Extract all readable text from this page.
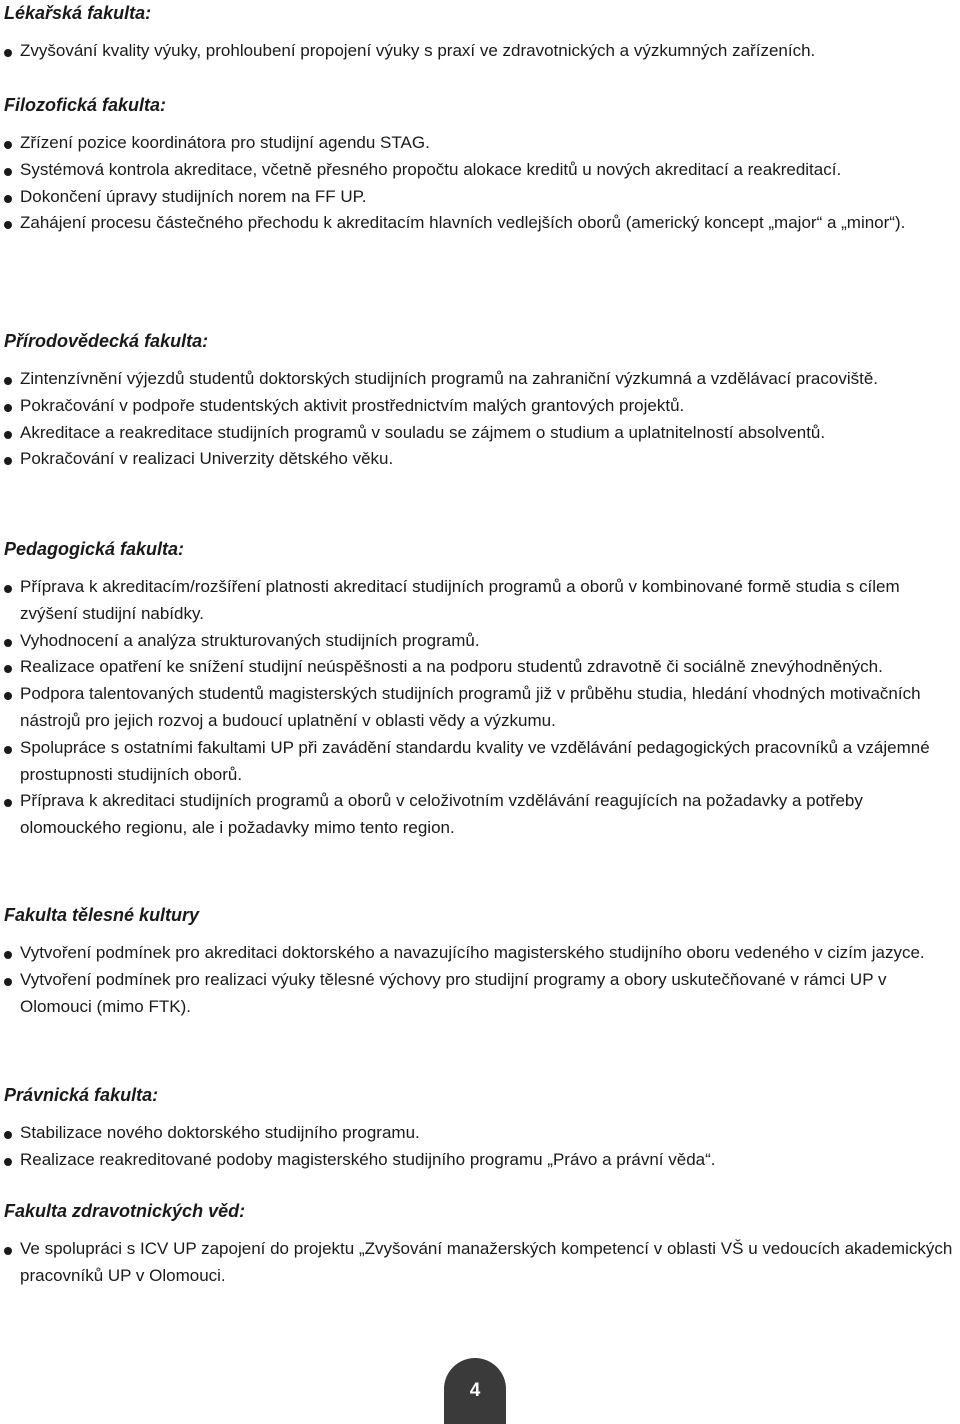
Lékařská fakulta:
Zvyšování kvality výuky, prohloubení propojení výuky s praxí ve zdravotnických a výzkumných zařízeních.
Filozofická fakulta:
Zřízení pozice koordinátora pro studijní agendu STAG.
Systémová kontrola akreditace, včetně přesného propočtu alokace kreditů u nových akreditací a reakreditací.
Dokončení úpravy studijních norem na FF UP.
Zahájení procesu částečného přechodu k akreditacím hlavních vedlejších oborů (americký koncept „major“ a „minor“).
Přírodovědecká fakulta:
Zintenzívnění výjezdů studentů doktorských studijních programů na zahraniční výzkumná a vzdělávací pracoviště.
Pokračování v podpoře studentských aktivit prostřednictvím malých grantových projektů.
Akreditace a reakreditace studijních programů v souladu se zájmem o studium a uplatnitelností absolventů.
Pokračování v realizaci Univerzity dětského věku.
Pedagogická fakulta:
Příprava k akreditacím/rozšíření platnosti akreditací studijních programů a oborů v kombinované formě studia s cílem zvýšení studijní nabídky.
Vyhodnocení a analýza strukturovaných studijních programů.
Realizace opatření ke snížení studijní neúspěšnosti a na podporu studentů zdravotně či sociálně znevýhodněných.
Podpora talentovaných studentů magisterských studijních programů již v průběhu studia, hledání vhodných motivačních nástrojů pro jejich rozvoj a budoucí uplatnění v oblasti vědy a výzkumu.
Spolupráce s ostatními fakultami UP při zavádění standardu kvality ve vzdělávání pedagogických pracovníků a vzájemné prostupnosti studijních oborů.
Příprava k akreditaci studijních programů a oborů v celoživotním vzdělávání reagujících na požadavky a potřeby olomouckého regionu, ale i požadavky mimo tento region.
Fakulta tělesné kultury
Vytvoření podmínek pro akreditaci doktorského a navazujícího magisterského studijního oboru vedeného v cizím jazyce.
Vytvoření podmínek pro realizaci výuky tělesné výchovy pro studijní programy a obory uskutečňované v rámci UP v Olomouci (mimo FTK).
Právnická fakulta:
Stabilizace nového doktorského studijního programu.
Realizace reakreditované podoby magisterského studijního programu „Právo a právní věda“.
Fakulta zdravotnických věd:
Ve spolupráci s ICV UP zapojení do projektu „Zvyšování manažerských kompetencí v oblasti VŠ u vedoucích akademických pracovníků UP v Olomouci.
4
